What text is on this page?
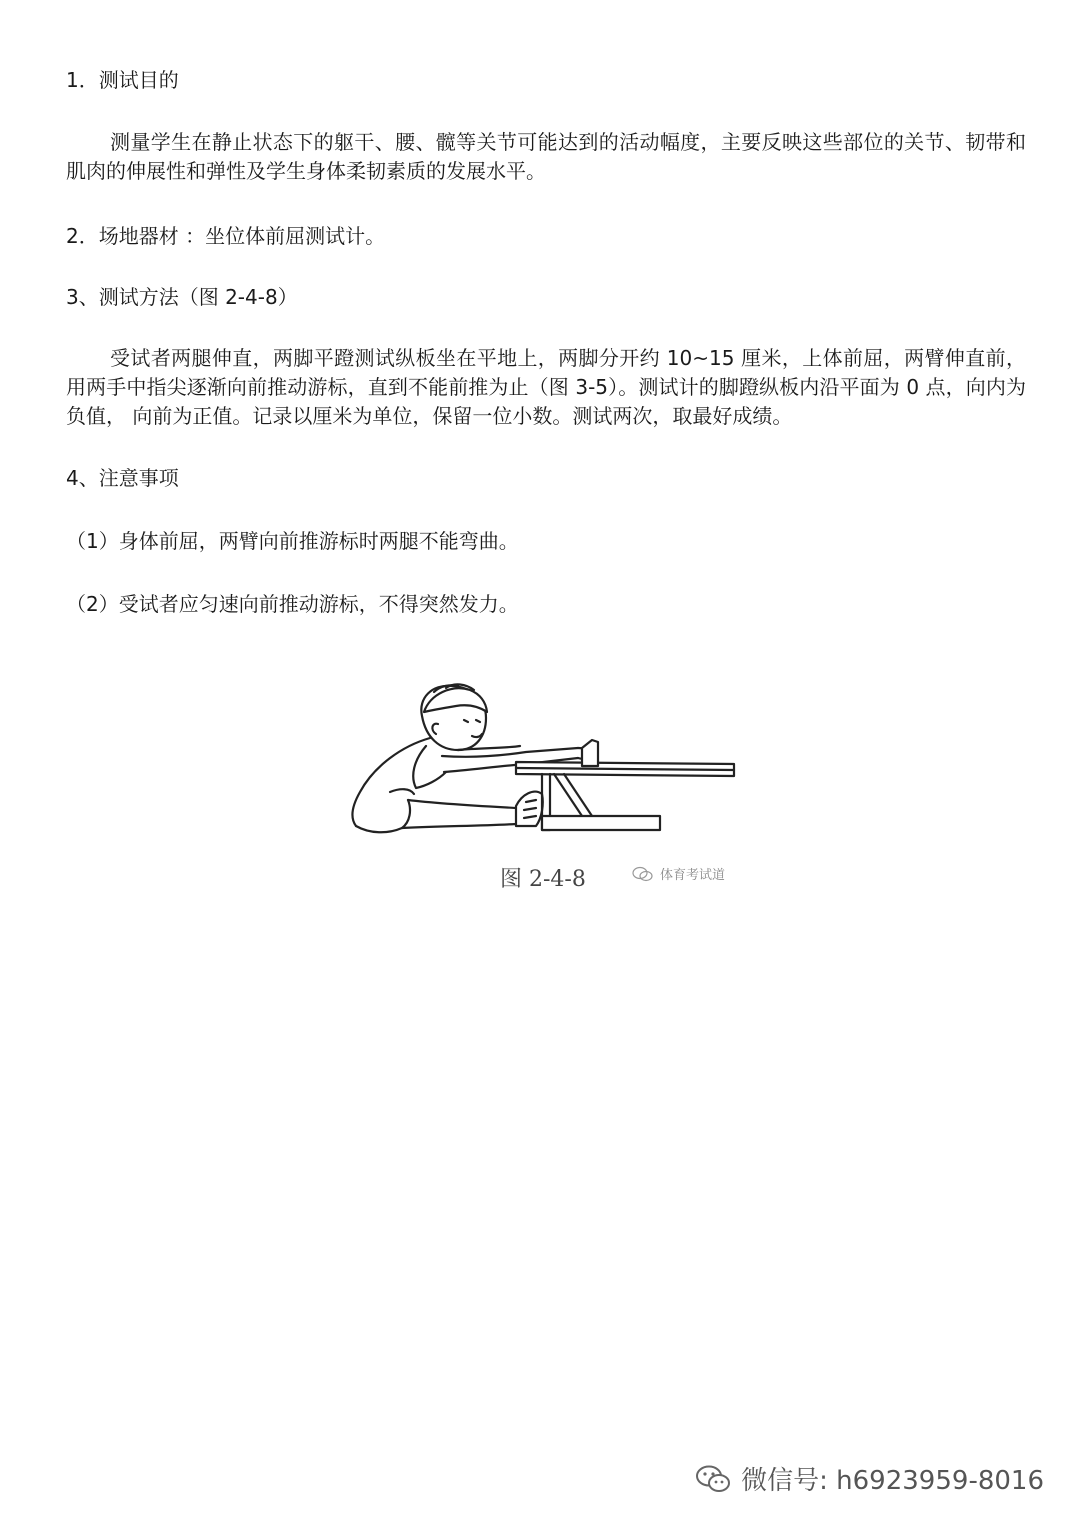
1．测试目的
测量学生在静止状态下的躯干、腰、髋等关节可能达到的活动幅度，主要反映这些部位的关节、韧带和肌肉的伸展性和弹性及学生身体柔韧素质的发展水平。
2．场地器材 ：坐位体前屈测试计。
3、测试方法（图 2-4-8）
受试者两腿伸直，两脚平蹬测试纵板坐在平地上，两脚分开约 10~15 厘米，上体前屈，两臂伸直前，用两手中指尖逐渐向前推动游标，直到不能前推为止（图 3-5）。测试计的脚蹬纵板内沿平面为 0 点，向内为负值， 向前为正值。记录以厘米为单位，保留一位小数。测试两次，取最好成绩。
4、注意事项
（1）身体前屈，两臂向前推游标时两腿不能弯曲。
（2）受试者应匀速向前推动游标，不得突然发力。
图 2-4-8	体育考试道
微信号: h6923959-8016
